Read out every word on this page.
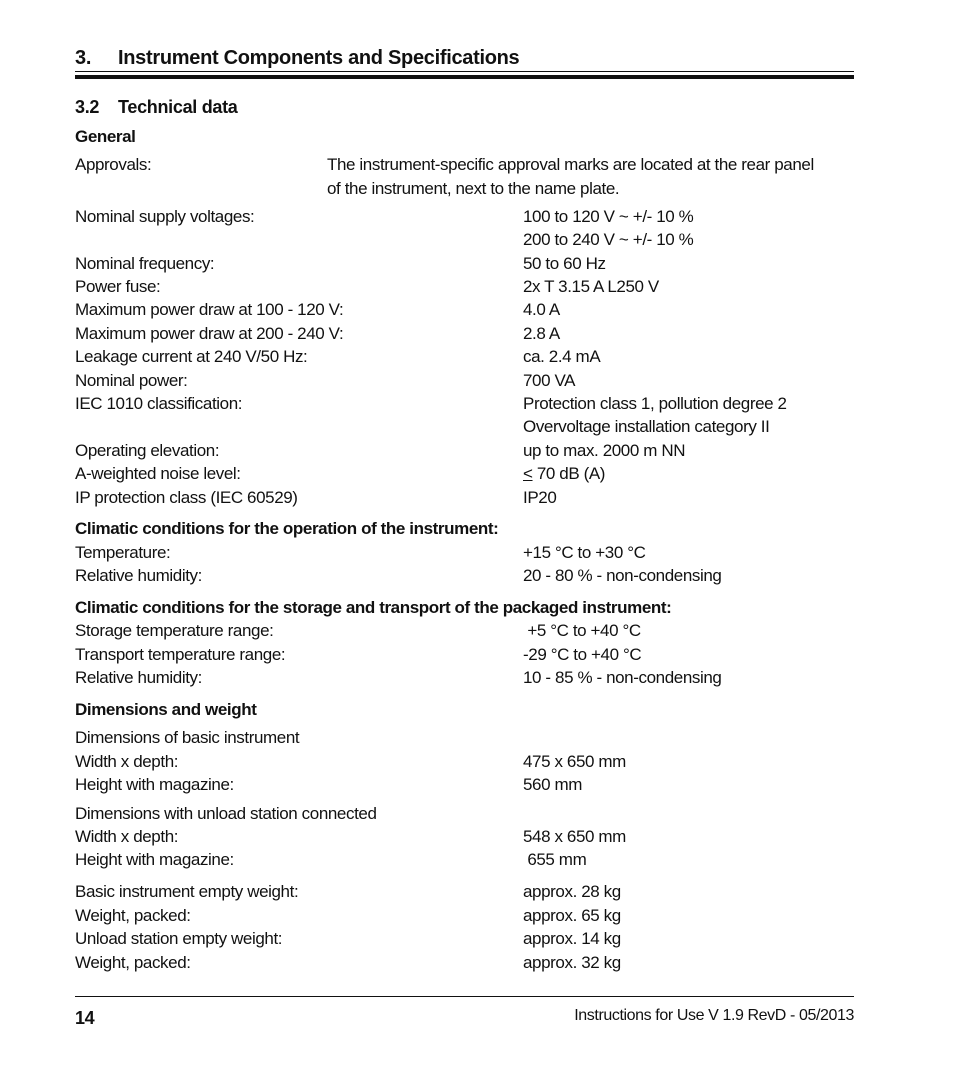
3. Instrument Components and Specifications
3.2 Technical data
General
Approvals:	The instrument-specific approval marks are located at the rear panel
of the instrument, next to the name plate.
Nominal supply voltages:	100 to 120 V ~ +/- 10 %
200 to 240 V ~ +/- 10 %
Nominal frequency:	50 to 60 Hz
Power fuse:	2x T 3.15 A L250 V
Maximum power draw at 100 - 120 V:	4.0 A
Maximum power draw at 200 - 240 V:	2.8 A
Leakage current at 240 V/50 Hz:	ca. 2.4 mA
Nominal power:	700 VA
IEC 1010 classification:	Protection class 1, pollution degree 2
Overvoltage installation category II
Operating elevation:	up to max. 2000 m NN
A-weighted noise level:	< 70 dB (A)
IP protection class (IEC 60529)	IP20
Climatic conditions for the operation of the instrument:
Temperature:	+15 °C to +30 °C
Relative humidity:	20 - 80 % - non-condensing
Climatic conditions for the storage and transport of the packaged instrument:
Storage temperature range:	+5 °C to +40 °C
Transport temperature range:	-29 °C to +40 °C
Relative humidity:	10 - 85 % - non-condensing
Dimensions and weight
Dimensions of basic instrument
Width x depth:	475 x 650 mm
Height with magazine:	560 mm
Dimensions with unload station connected
Width x depth:	548 x 650 mm
Height with magazine:	655 mm
Basic instrument empty weight:	approx. 28 kg
Weight, packed:	approx. 65 kg
Unload station empty weight:	approx. 14 kg
Weight, packed:	approx. 32 kg
14	Instructions for Use V 1.9 RevD - 05/2013
